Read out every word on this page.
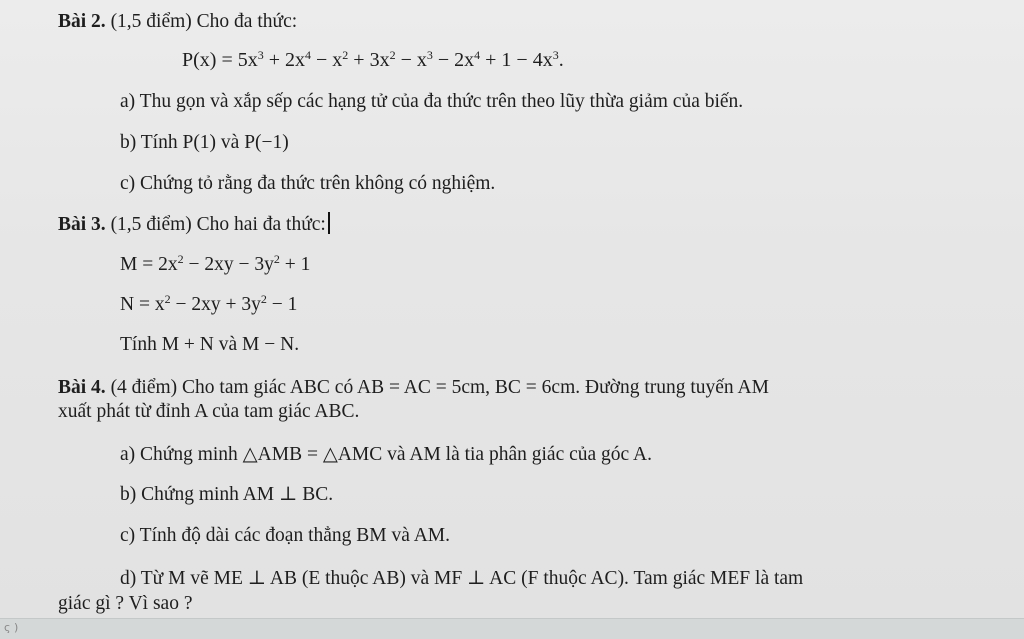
Bài 2. (1,5 điểm) Cho đa thức:
$P(x) = 5x^3 + 2x^4 - x^2 + 3x^2 - x^3 - 2x^4 + 1 - 4x^3$.
a) Thu gọn và xắp sếp các hạng tử của đa thức trên theo lũy thừa giảm của biến.
b) Tính P(1) và P(−1)
c) Chứng tỏ rằng đa thức trên không có nghiệm.
Bài 3. (1,5 điểm) Cho hai đa thức:
$M = 2x^2 - 2xy - 3y^2 + 1$
$N = x^2 - 2xy + 3y^2 - 1$
Tính M + N và M − N.
Bài 4. (4 điểm) Cho tam giác ABC có AB = AC = 5cm, BC = 6cm. Đường trung tuyến AM
xuất phát từ đỉnh A của tam giác ABC.
a) Chứng minh △AMB = △AMC và AM là tia phân giác của góc A.
b) Chứng minh AM ⊥ BC.
c) Tính độ dài các đoạn thẳng BM và AM.
d) Từ M vẽ ME ⊥ AB (E thuộc AB) và MF ⊥ AC (F thuộc AC). Tam giác MEF là tam
giác gì ? Vì sao ?
ς )
